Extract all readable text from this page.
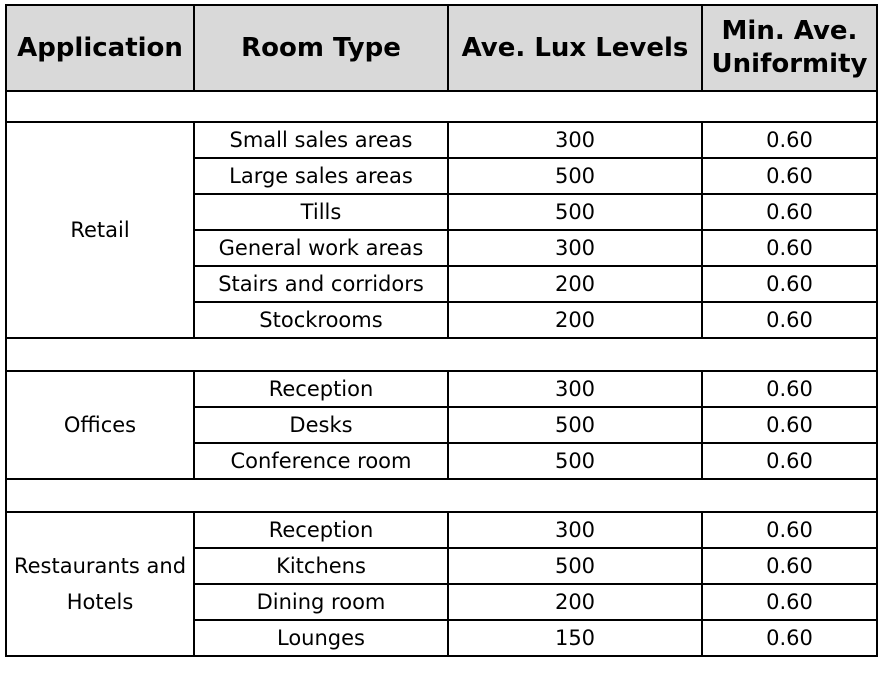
Application	Room Type	Ave. Lux Levels	Min. Ave.
Uniformity

Retail	Small sales areas	300	0.60
	Large sales areas	500	0.60
	Tills	500	0.60
	General work areas	300	0.60
	Stairs and corridors	200	0.60
	Stockrooms	200	0.60

Offices	Reception	300	0.60
	Desks	500	0.60
	Conference room	500	0.60

Restaurants and
Hotels	Reception	300	0.60
	Kitchens	500	0.60
	Dining room	200	0.60
	Lounges	150	0.60
